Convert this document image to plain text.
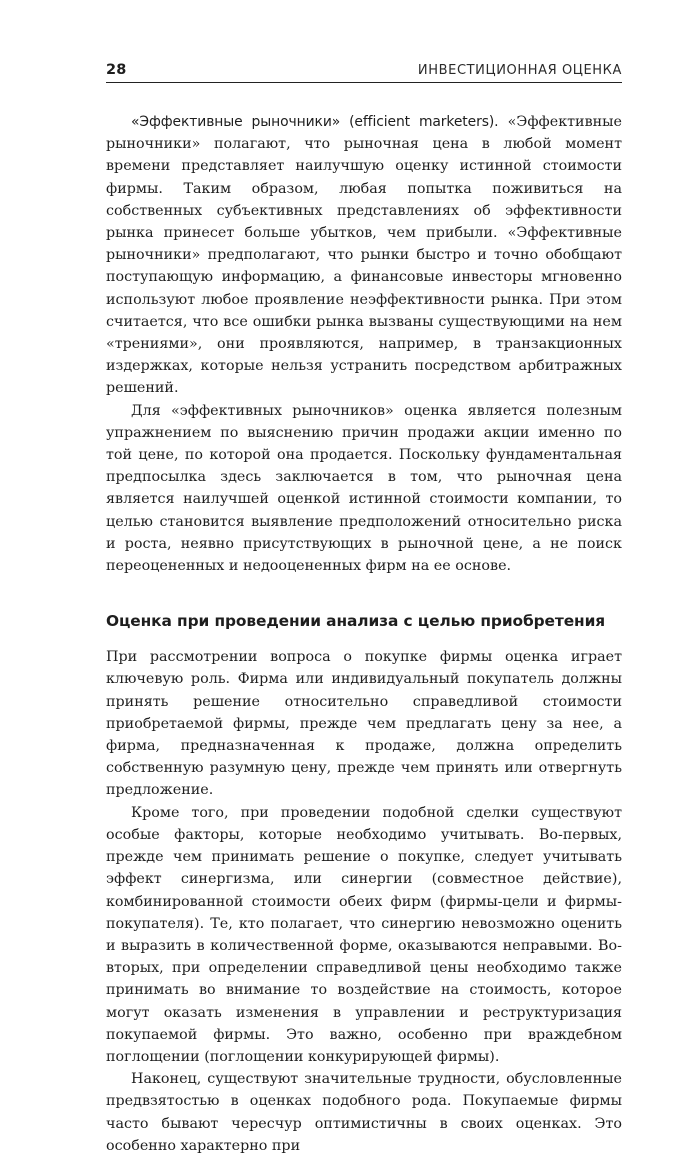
28	ИНВЕСТИЦИОННАЯ ОЦЕНКА

«Эффективные рыночники» (efficient marketers). «Эффективные рыночники» полагают, что рыночная цена в любой момент времени представляет наилучшую оценку истинной стоимости фирмы. Таким образом, любая попытка поживиться на собственных субъективных представлениях об эффективности рынка принесет больше убытков, чем прибыли. «Эффективные рыночники» предполагают, что рынки быстро и точно обобщают поступающую информацию, а финансовые инвесторы мгновенно используют любое проявление неэффективности рынка. При этом считается, что все ошибки рынка вызваны существующими на нем «трениями», они проявляются, например, в транзакционных издержках, которые нельзя устранить посредством арбитражных решений.

Для «эффективных рыночников» оценка является полезным упражнением по выяснению причин продажи акции именно по той цене, по которой она продается. Поскольку фундаментальная предпосылка здесь заключается в том, что рыночная цена является наилучшей оценкой истинной стоимости компании, то целью становится выявление предположений относительно риска и роста, неявно присутствующих в рыночной цене, а не поиск переоцененных и недооцененных фирм на ее основе.

Оценка при проведении анализа с целью приобретения

При рассмотрении вопроса о покупке фирмы оценка играет ключевую роль. Фирма или индивидуальный покупатель должны принять решение относительно справедливой стоимости приобретаемой фирмы, прежде чем предлагать цену за нее, а фирма, предназначенная к продаже, должна определить собственную разумную цену, прежде чем принять или отвергнуть предложение.

Кроме того, при проведении подобной сделки существуют особые факторы, которые необходимо учитывать. Во-первых, прежде чем принимать решение о покупке, следует учитывать эффект синергизма, или синергии (совместное действие), комбинированной стоимости обеих фирм (фирмы-цели и фирмы-покупателя). Те, кто полагает, что синергию невозможно оценить и выразить в количественной форме, оказываются неправыми. Во-вторых, при определении справедливой цены необходимо также принимать во внимание то воздействие на стоимость, которое могут оказать изменения в управлении и реструктуризация покупаемой фирмы. Это важно, особенно при враждебном поглощении (поглощении конкурирующей фирмы).

Наконец, существуют значительные трудности, обусловленные предвзятостью в оценках подобного рода. Покупаемые фирмы часто бывают чересчур оптимистичны в своих оценках. Это особенно характерно при
